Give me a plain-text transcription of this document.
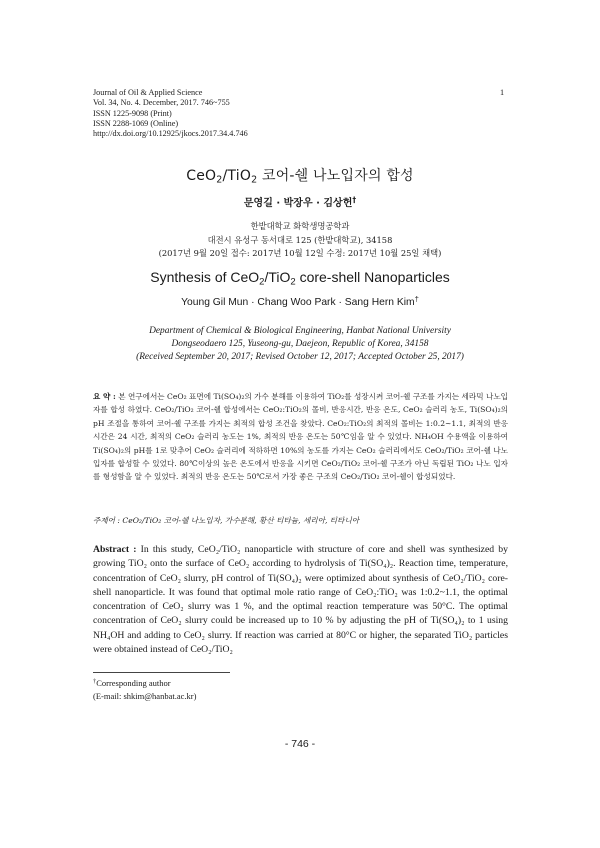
Journal of Oil & Applied Science
Vol. 34, No. 4. December, 2017. 746~755
ISSN 1225-9098 (Print)
ISSN 2288-1069 (Online)
http://dx.doi.org/10.12925/jkocs.2017.34.4.746
1
CeO$_2$/TiO$_2$ 코어-쉘 나노입자의 합성
문영길 · 박장우 · 김상헌†
한밭대학교 화학생명공학과
대전시 유성구 동서대로 125 (한밭대학교), 34158
(2017년 9월 20일 접수: 2017년 10월 12일 수정: 2017년 10월 25일 채택)
Synthesis of CeO$_2$/TiO$_2$ core-shell Nanoparticles
Young Gil Mun · Chang Woo Park · Sang Hern Kim†
Department of Chemical & Biological Engineering, Hanbat National University
Dongseodaero 125, Yuseong-gu, Daejeon, Republic of Korea, 34158
(Received September 20, 2017; Revised October 12, 2017; Accepted October 25, 2017)
요 약 : 본 연구에서는 CeO₂ 표면에 Ti(SO₄)₂의 가수 분해를 이용하여 TiO₂를 성장시켜 코어-쉘 구조를 가지는 세라믹 나노입자를 합성 하였다. CeO₂/TiO₂ 코어-쉘 합성에서는 CeO₂:TiO₂의 몰비, 반응시간, 반응 온도, CeO₂ 슬러리 농도, Ti(SO₄)₂의 pH 조절을 통하여 코어-쉘 구조를 가지는 최적의 합성 조건을 찾았다. CeO₂:TiO₂의 최적의 몰비는 1:0.2~1.1, 최적의 반응 시간은 24 시간, 최적의 CeO₂ 슬러리 농도는 1%, 최적의 반응 온도는 50℃임을 알 수 있었다. NH₄OH 수용액을 이용하여 Ti(SO₄)₂의 pH를 1로 맞추어 CeO₂ 슬러리에 적하하면 10%의 농도를 가지는 CeO₂ 슬러리에서도 CeO₂/TiO₂ 코어-쉘 나노 입자를 합성할 수 있었다. 80℃이상의 높은 온도에서 반응을 시키면 CeO₂/TiO₂ 코어-쉘 구조가 아닌 독립된 TiO₂ 나노 입자를 형성함을 알 수 있었다. 최적의 반응 온도는 50℃로서 가장 좋은 구조의 CeO₂/TiO₂ 코어-쉘이 합성되었다.
주제어 : CeO₂/TiO₂ 코어-쉘 나노입자, 가수분해, 황산 티타늄, 세리아, 티타니아
Abstract : In this study, CeO₂/TiO₂ nanoparticle with structure of core and shell was synthesized by growing TiO₂ onto the surface of CeO₂ according to hydrolysis of Ti(SO₄)₂. Reaction time, temperature, concentration of CeO₂ slurry, pH control of Ti(SO₄)₂ were optimized about synthesis of CeO₂/TiO₂ core-shell nanoparticle. It was found that optimal mole ratio range of CeO₂:TiO₂ was 1:0.2~1.1, the optimal concentration of CeO₂ slurry was 1 %, and the optimal reaction temperature was 50°C. The optimal concentration of CeO₂ slurry could be increased up to 10 % by adjusting the pH of Ti(SO₄)₂ to 1 using NH₄OH and adding to CeO₂ slurry. If reaction was carried at 80°C or higher, the separated TiO₂ particles were obtained instead of CeO₂/TiO₂
†Corresponding author
(E-mail: shkim@hanbat.ac.kr)
- 746 -
